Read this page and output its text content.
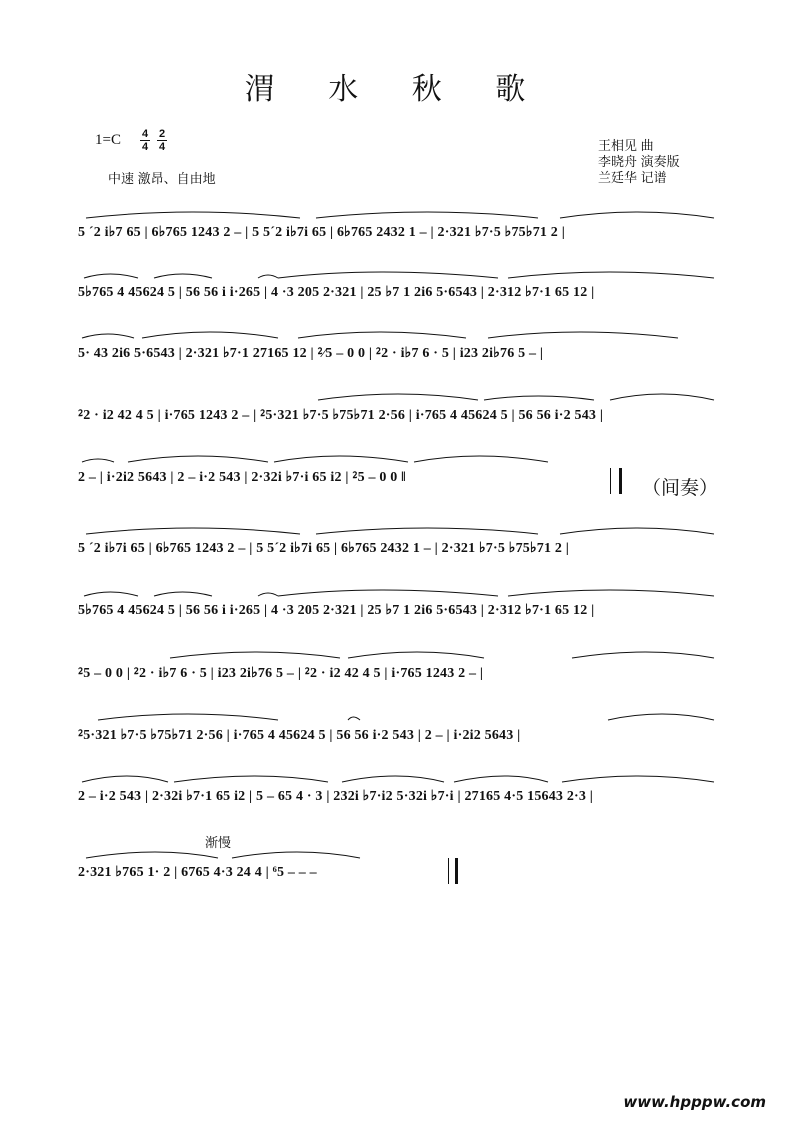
渭 水 秋 歌
1=C 4
4
2
4
中速 激昂、自由地
王相见 曲
李晓舟 演奏版
兰廷华 记谱
5 ˊ2 i♭7 65 | 6♭765 1243 2 – | 5 5ˊ2 i♭7i 65 | 6♭765 2432 1 – | 2·321 ♭7·5 ♭75♭71 2 |
5♭765 4 45624 5 | 56 56 i i·265 | 4 ·3 205 2·321 | 25 ♭7 1 2i6 5·6543 | 2·312 ♭7·1 65 12 |
5· 43 2i6 5·6543 | 2·321 ♭7·1 27165 12 | ⁲⁄5 – 0 0 | ⁲2 · i♭7 6 · 5 | i23 2i♭76 5 – |
⁲2 · i2 42 4 5 | i·765 1243 2 – | ⁲5·321 ♭7·5 ♭75♭71 2·56 | i·765 4 45624 5 | 56 56 i·2 543 |
2 – | i·2i2 5643 | 2 – i·2 543 | 2·32i ♭7·i 65 i2 | ⁲5 – 0 0 ‖	（间奏）
5 ˊ2 i♭7i 65 | 6♭765 1243 2 – | 5 5ˊ2 i♭7i 65 | 6♭765 2432 1 – | 2·321 ♭7·5 ♭75♭71 2 |
5♭765 4 45624 5 | 56 56 i i·265 | 4 ·3 205 2·321 | 25 ♭7 1 2i6 5·6543 | 2·312 ♭7·1 65 12 |
⁲5 – 0 0 | ⁲2 · i♭7 6 · 5 | i23 2i♭76 5 – | ⁲2 · i2 42 4 5 | i·765 1243 2 – |
⁲5·321 ♭7·5 ♭75♭71 2·56 | i·765 4 45624 5 | 56 56 i·2 543 | 2 – | i·2i2 5643 |
2 – i·2 543 | 2·32i ♭7·1 65 i2 | 5 – 65 4 · 3 | 232i ♭7·i2 5·32i ♭7·i | 27165 4·5 15643 2·3 |
渐慢
2·321 ♭765 1· 2 | 6765 4·3 24 4 | ⁶5 – – –
www.hpppw.com
